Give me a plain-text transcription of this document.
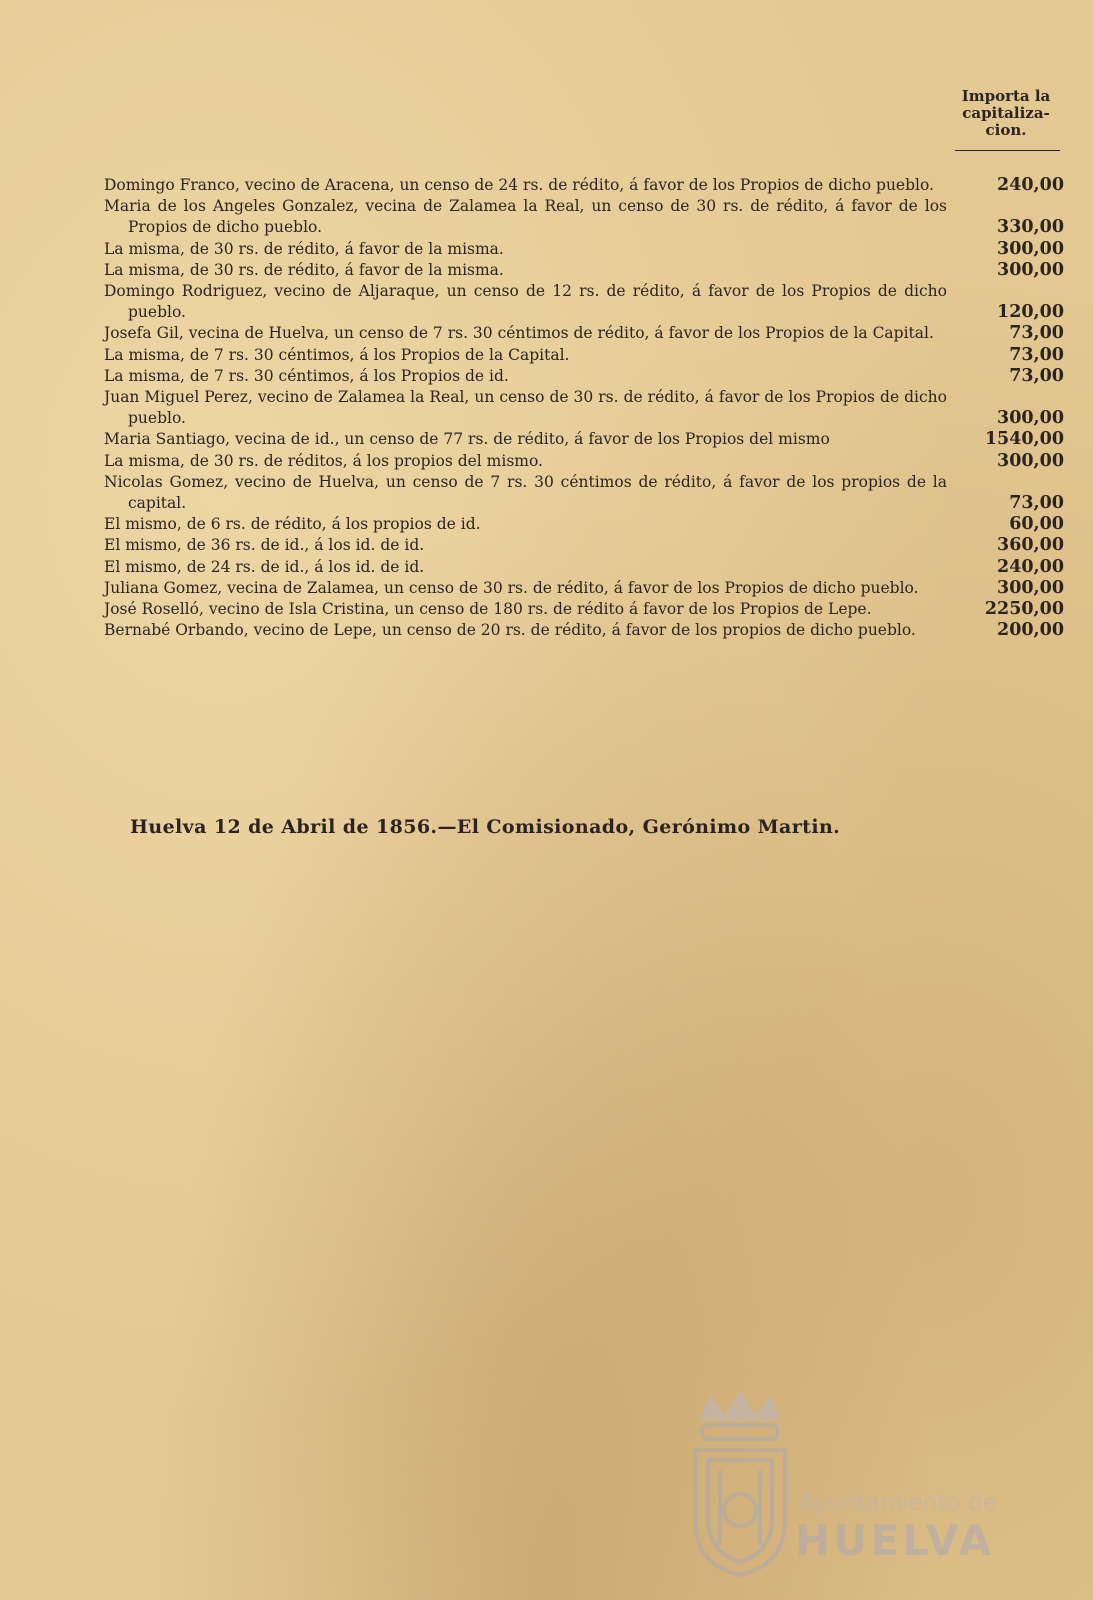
Importa la
capitaliza-
cion.
Domingo Franco, vecino de Aracena, un censo de 24 rs. de rédito, á favor de los Propios de dicho pueblo.	240,00
Maria de los Angeles Gonzalez, vecina de Zalamea la Real, un censo de 30 rs. de rédito, á favor de los Propios de dicho pueblo.	330,00
La misma, de 30 rs. de rédito, á favor de la misma.	300,00
La misma, de 30 rs. de rédito, á favor de la misma.	300,00
Domingo Rodriguez, vecino de Aljaraque, un censo de 12 rs. de rédito, á favor de los Propios de dicho pueblo.	120,00
Josefa Gil, vecina de Huelva, un censo de 7 rs. 30 céntimos de rédito, á favor de los Propios de la Capital.	73,00
La misma, de 7 rs. 30 céntimos, á los Propios de la Capital.	73,00
La misma, de 7 rs. 30 céntimos, á los Propios de id.	73,00
Juan Miguel Perez, vecino de Zalamea la Real, un censo de 30 rs. de rédito, á favor de los Propios de dicho pueblo.	300,00
Maria Santiago, vecina de id., un censo de 77 rs. de rédito, á favor de los Propios del mismo	1540,00
La misma, de 30 rs. de réditos, á los propios del mismo.	300,00
Nicolas Gomez, vecino de Huelva, un censo de 7 rs. 30 céntimos de rédito, á favor de los propios de la capital.	73,00
El mismo, de 6 rs. de rédito, á los propios de id.	60,00
El mismo, de 36 rs. de id., á los id. de id.	360,00
El mismo, de 24 rs. de id., á los id. de id.	240,00
Juliana Gomez, vecina de Zalamea, un censo de 30 rs. de rédito, á favor de los Propios de dicho pueblo.	300,00
José Roselló, vecino de Isla Cristina, un censo de 180 rs. de rédito á favor de los Propios de Lepe.	2250,00
Bernabé Orbando, vecino de Lepe, un censo de 20 rs. de rédito, á favor de los propios de dicho pueblo.	200,00
Huelva 12 de Abril de 1856.—El Comisionado, Gerónimo Martin.
Ayuntamiento de
HUELVA
